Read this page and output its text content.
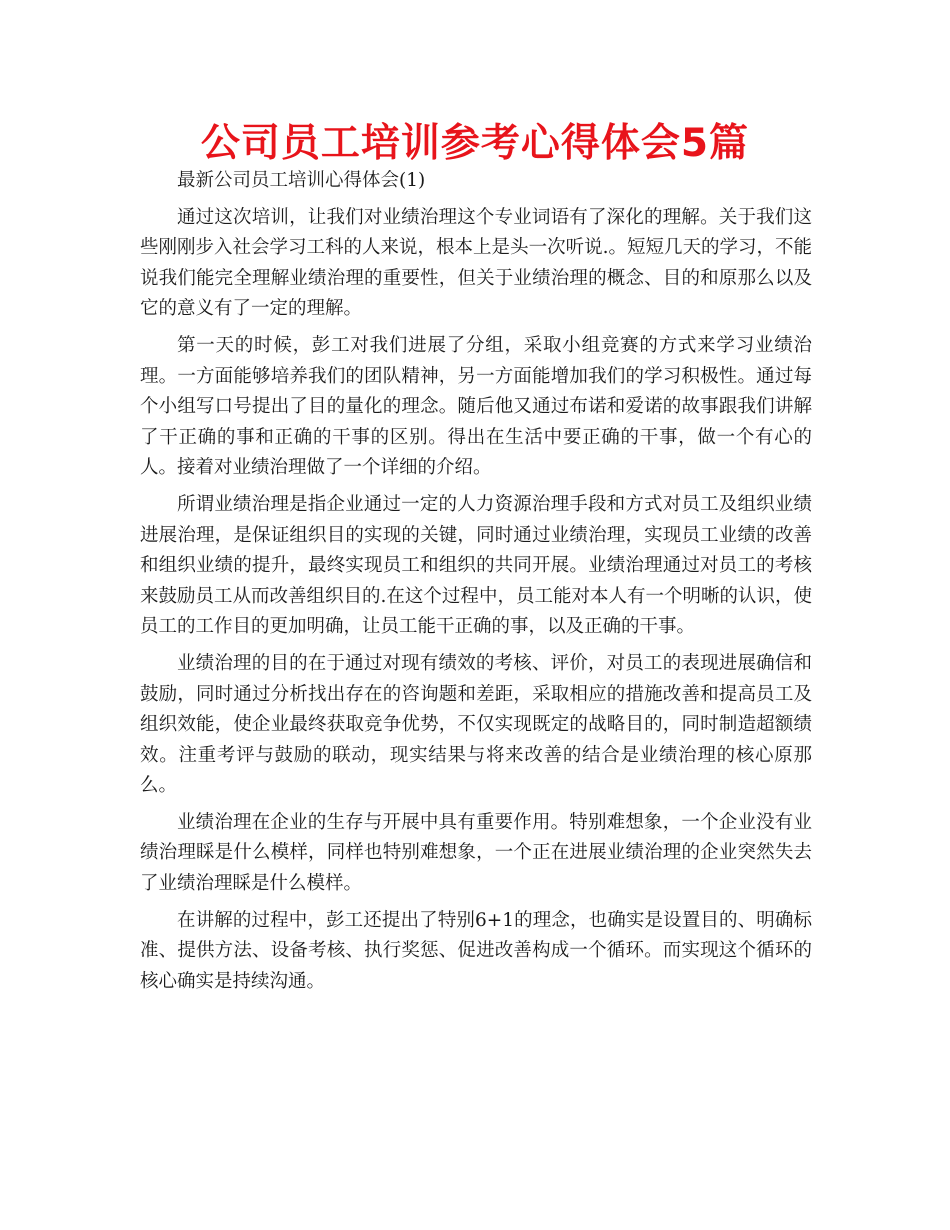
公司员工培训参考心得体会5篇

最新公司员工培训心得体会(1)

通过这次培训，让我们对业绩治理这个专业词语有了深化的理解。关于我们这些刚刚步入社会学习工科的人来说，根本上是头一次听说.。短短几天的学习，不能说我们能完全理解业绩治理的重要性，但关于业绩治理的概念、目的和原那么以及它的意义有了一定的理解。

第一天的时候，彭工对我们进展了分组，采取小组竞赛的方式来学习业绩治理。一方面能够培养我们的团队精神，另一方面能增加我们的学习积极性。通过每个小组写口号提出了目的量化的理念。随后他又通过布诺和爱诺的故事跟我们讲解了干正确的事和正确的干事的区别。得出在生活中要正确的干事，做一个有心的人。接着对业绩治理做了一个详细的介绍。

所谓业绩治理是指企业通过一定的人力资源治理手段和方式对员工及组织业绩进展治理，是保证组织目的实现的关键，同时通过业绩治理，实现员工业绩的改善和组织业绩的提升，最终实现员工和组织的共同开展。业绩治理通过对员工的考核来鼓励员工从而改善组织目的.在这个过程中，员工能对本人有一个明晰的认识，使员工的工作目的更加明确，让员工能干正确的事，以及正确的干事。

业绩治理的目的在于通过对现有绩效的考核、评价，对员工的表现进展确信和鼓励，同时通过分析找出存在的咨询题和差距，采取相应的措施改善和提高员工及组织效能，使企业最终获取竞争优势，不仅实现既定的战略目的，同时制造超额绩效。注重考评与鼓励的联动，现实结果与将来改善的结合是业绩治理的核心原那么。

业绩治理在企业的生存与开展中具有重要作用。特别难想象，一个企业没有业绩治理睬是什么模样，同样也特别难想象，一个正在进展业绩治理的企业突然失去了业绩治理睬是什么模样。

在讲解的过程中，彭工还提出了特别6+1的理念，也确实是设置目的、明确标准、提供方法、设备考核、执行奖惩、促进改善构成一个循环。而实现这个循环的核心确实是持续沟通。
